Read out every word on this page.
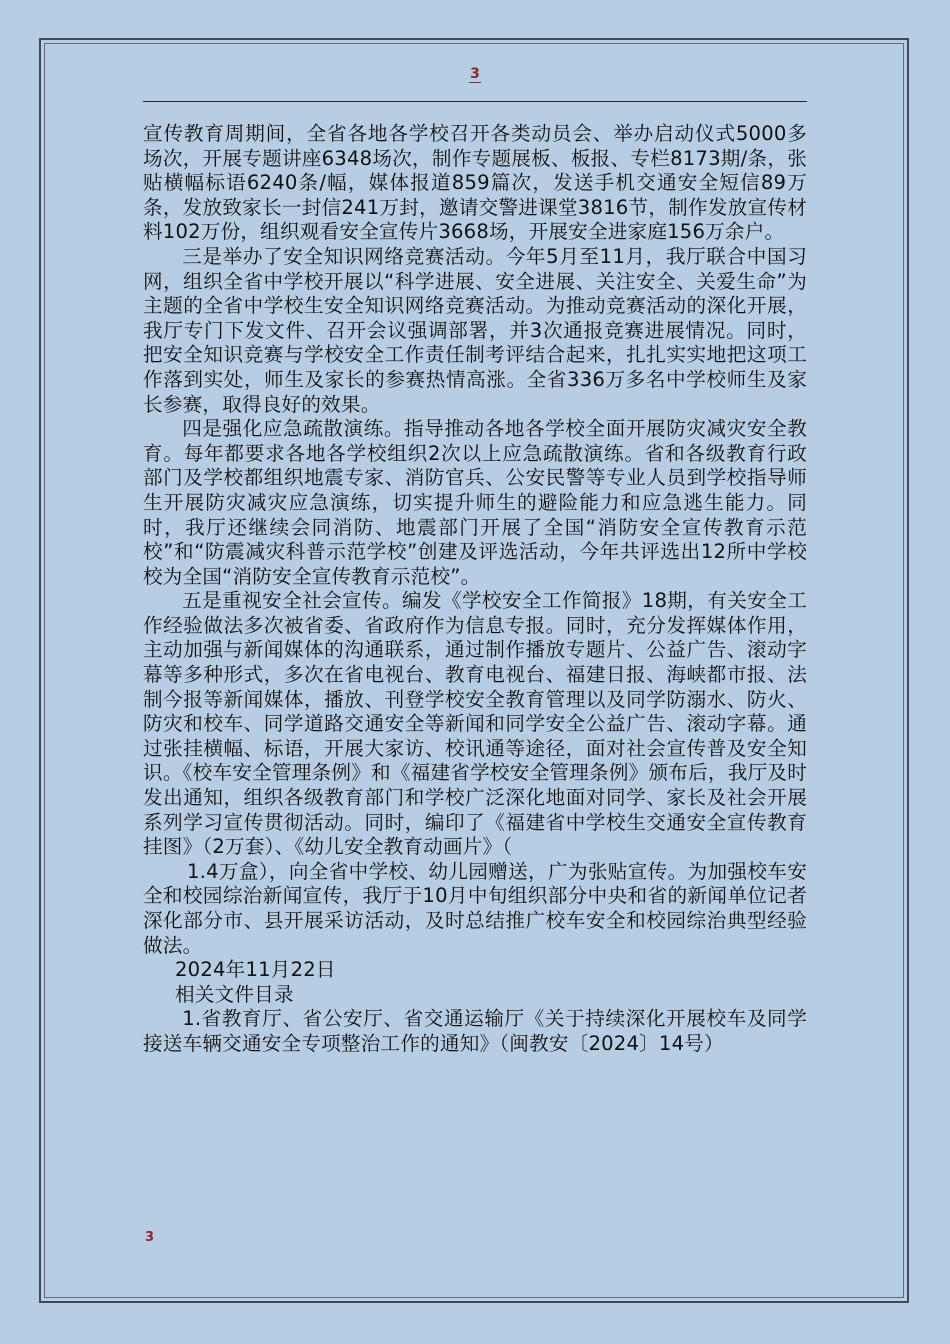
3

宣传教育周期间，全省各地各学校召开各类动员会、举办启动仪式5000多场次，开展专题讲座6348场次，制作专题展板、板报、专栏8173期/条，张贴横幅标语6240条/幅，媒体报道859篇次，发送手机交通安全短信89万条，发放致家长一封信241万封，邀请交警进课堂3816节，制作发放宣传材料102万份，组织观看安全宣传片3668场，开展安全进家庭156万余户。

三是举办了安全知识网络竞赛活动。今年5月至11月，我厅联合中国习网，组织全省中学校开展以“科学进展、安全进展、关注安全、关爱生命”为主题的全省中学校生安全知识网络竞赛活动。为推动竞赛活动的深化开展，我厅专门下发文件、召开会议强调部署，并3次通报竞赛进展情况。同时，把安全知识竞赛与学校安全工作责任制考评结合起来，扎扎实实地把这项工作落到实处，师生及家长的参赛热情高涨。全省336万多名中学校师生及家长参赛，取得良好的效果。

四是强化应急疏散演练。指导推动各地各学校全面开展防灾减灾安全教育。每年都要求各地各学校组织2次以上应急疏散演练。省和各级教育行政部门及学校都组织地震专家、消防官兵、公安民警等专业人员到学校指导师生开展防灾减灾应急演练，切实提升师生的避险能力和应急逃生能力。同时，我厅还继续会同消防、地震部门开展了全国“消防安全宣传教育示范校”和“防震减灾科普示范学校”创建及评选活动，今年共评选出12所中学校校为全国“消防安全宣传教育示范校”。

五是重视安全社会宣传。编发《学校安全工作简报》18期，有关安全工作经验做法多次被省委、省政府作为信息专报。同时，充分发挥媒体作用，主动加强与新闻媒体的沟通联系，通过制作播放专题片、公益广告、滚动字幕等多种形式，多次在省电视台、教育电视台、福建日报、海峡都市报、法制今报等新闻媒体，播放、刊登学校安全教育管理以及同学防溺水、防火、防灾和校车、同学道路交通安全等新闻和同学安全公益广告、滚动字幕。通过张挂横幅、标语，开展大家访、校讯通等途径，面对社会宣传普及安全知识。《校车安全管理条例》和《福建省学校安全管理条例》颁布后，我厅及时发出通知，组织各级教育部门和学校广泛深化地面对同学、家长及社会开展系列学习宣传贯彻活动。同时，编印了《福建省中学校生交通安全宣传教育挂图》（2万套）、《幼儿安全教育动画片》（

1.4万盒），向全省中学校、幼儿园赠送，广为张贴宣传。为加强校车安全和校园综治新闻宣传，我厅于10月中旬组织部分中央和省的新闻单位记者深化部分市、县开展采访活动，及时总结推广校车安全和校园综治典型经验做法。

2024年11月22日

相关文件目录

1.省教育厅、省公安厅、省交通运输厅《关于持续深化开展校车及同学接送车辆交通安全专项整治工作的通知》（闽教安〔2024〕14号）

3
